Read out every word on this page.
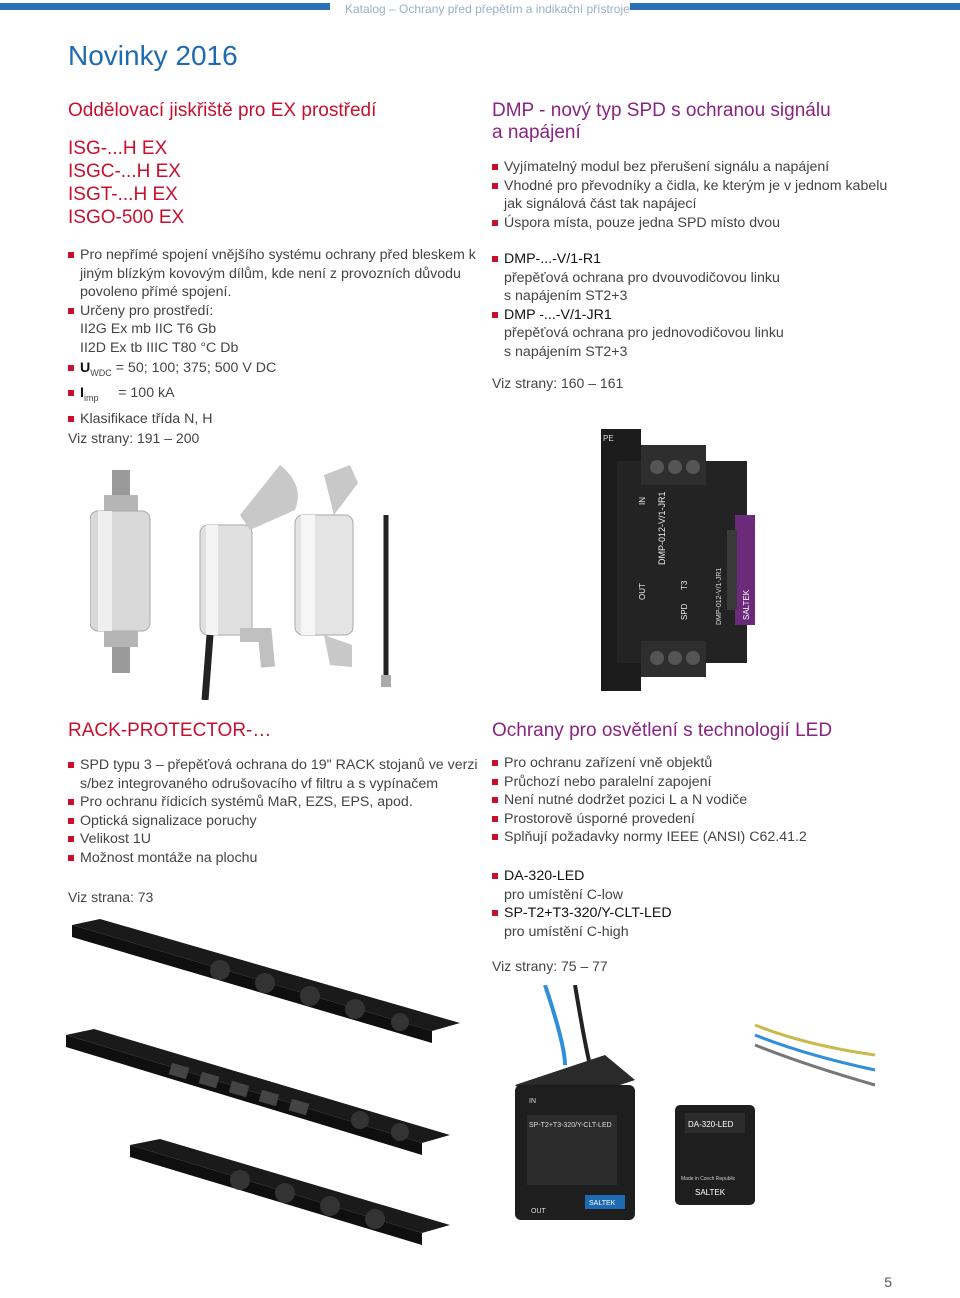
Katalog – Ochrany před přepětím a indikační přístroje
Novinky 2016
Oddělovací jiskřiště pro EX prostředí
ISG-...H EX
ISGC-...H EX
ISGT-...H EX
ISGO-500 EX
Pro nepřímé spojení vnějšího systému ochrany před bleskem k jiným blízkým kovovým dílům, kde není z provozních důvodu povoleno přímé spojení.
Určeny pro prostředí:
II2G Ex mb IIC T6 Gb
II2D Ex tb IIIC T80 °C Db
$U_{WDC} = 50$; 100; 375; 500 V DC
$I_{imp} = 100$ kA
Klasifikace třída N, H
Viz strany: 191 – 200
DMP - nový typ SPD s ochranou signálu
a napájení
Vyjímatelný modul bez přerušení signálu a napájení
Vhodné pro převodníky a čidla, ke kterým je v jednom kabelu jak signálová část tak napájecí
Úspora místa, pouze jedna SPD místo dvou
DMP-...-V/1-R1
přepěťová ochrana pro dvouvodičovou linku
s napájením ST2+3
DMP -...-V/1-JR1
přepěťová ochrana pro jednovodičovou linku
s napájením ST2+3
Viz strany: 160 – 161
PE
DMP-012-V/1-JR1
OUT
IN
SPD
T3
SALTEK
DMP-012-V/1-JR1
RACK-PROTECTOR-…
SPD typu 3 – přepěťová ochrana do 19" RACK stojanů ve verzi s/bez integrovaného odrušovacího vf filtru a s vypínačem
Pro ochranu řídicích systémů MaR, EZS, EPS, apod.
Optická signalizace poruchy
Velikost 1U
Možnost montáže na plochu
Viz strana: 73
Ochrany pro osvětlení s technologií LED
Pro ochranu zařízení vně objektů
Průchozí nebo paralelní zapojení
Není nutné dodržet pozici L a N vodiče
Prostorově úsporné provedení
Splňují požadavky normy IEEE (ANSI) C62.41.2
DA-320-LED
pro umístění C-low
SP-T2+T3-320/Y-CLT-LED
pro umístění C-high
Viz strany: 75 – 77
SP-T2+T3-320/Y-CLT-LED
IN
OUT
SALTEK
DA-320-LED
Made in Czech Republic
SALTEK
5
